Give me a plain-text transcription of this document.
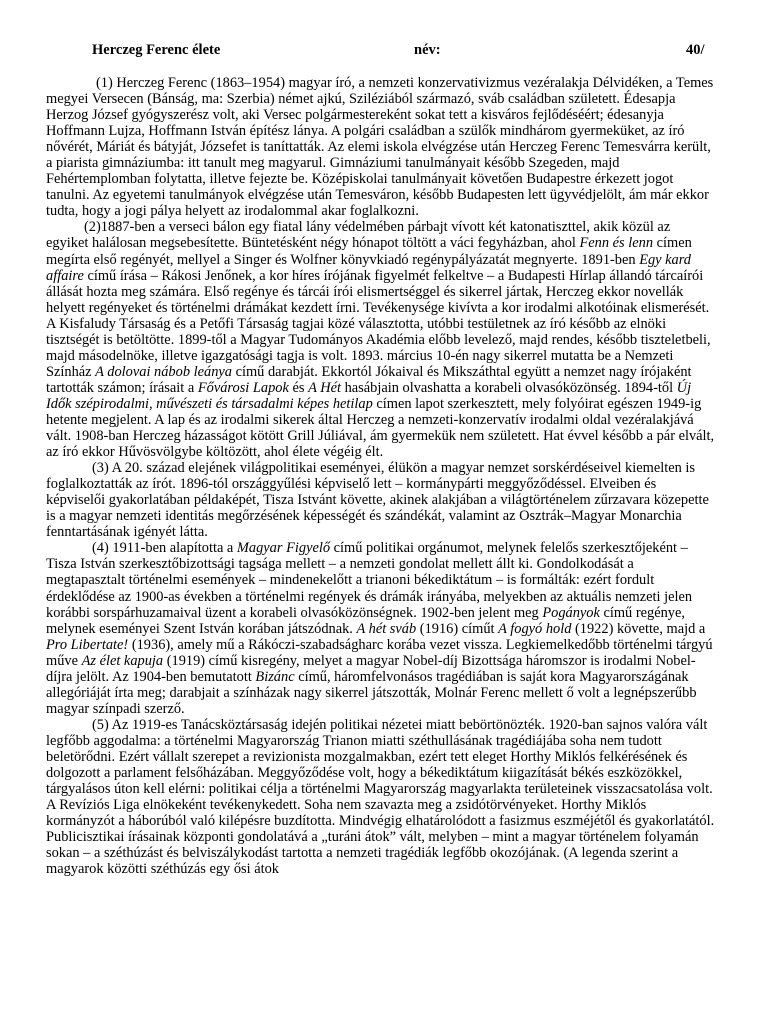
Herczeg Ferenc élete	név:	40/

(1) Herczeg Ferenc (1863–1954) magyar író, a nemzeti konzervativizmus vezéralakja Délvidéken, a Temes megyei Versecen (Bánság, ma: Szerbia) német ajkú, Sziléziából származó, sváb családban született. Édesapja Herzog József gyógyszerész volt, aki Versec polgármestereként sokat tett a kisváros fejlődéséért; édesanyja Hoffmann Lujza, Hoffmann István építész lánya. A polgári családban a szülők mindhárom gyermeküket, az író nővérét, Máriát és bátyját, Józsefet is taníttatták. Az elemi iskola elvégzése után Herczeg Ferenc Temesvárra került, a piarista gimnáziumba: itt tanult meg magyarul. Gimnáziumi tanulmányait később Szegeden, majd Fehértemplomban folytatta, illetve fejezte be. Középiskolai tanulmányait követően Budapestre érkezett jogot tanulni. Az egyetemi tanulmányok elvégzése után Temesváron, később Budapesten lett ügyvédjelölt, ám már ekkor tudta, hogy a jogi pálya helyett az irodalommal akar foglalkozni.

(2)1887-ben a verseci bálon egy fiatal lány védelmében párbajt vívott két katonatiszttel, akik közül az egyiket halálosan megsebesítette. Büntetésként négy hónapot töltött a váci fegyházban, ahol Fenn és lenn címen megírta első regényét, mellyel a Singer és Wolfner könyvkiadó regénypályázatát megnyerte. 1891-ben Egy kard affaire című írása – Rákosi Jenőnek, a kor híres írójának figyelmét felkeltve – a Budapesti Hírlap állandó tárcaírói állását hozta meg számára. Első regénye és tárcái írói elismertséggel és sikerrel jártak, Herczeg ekkor novellák helyett regényeket és történelmi drámákat kezdett írni. Tevékenysége kivívta a kor irodalmi alkotóinak elismerését. A Kisfaludy Társaság és a Petőfi Társaság tagjai közé választotta, utóbbi testületnek az író később az elnöki tisztségét is betöltötte. 1899-től a Magyar Tudományos Akadémia előbb levelező, majd rendes, később tiszteletbeli, majd másodelnöke, illetve igazgatósági tagja is volt. 1893. március 10-én nagy sikerrel mutatta be a Nemzeti Színház A dolovai nábob leánya című darabját. Ekkortól Jókaival és Mikszáthtal együtt a nemzet nagy írójaként tartották számon; írásait a Fővárosi Lapok és A Hét hasábjain olvashatta a korabeli olvasóközönség. 1894-től Új Idők szépirodalmi, művészeti és társadalmi képes hetilap címen lapot szerkesztett, mely folyóirat egészen 1949-ig hetente megjelent. A lap és az irodalmi sikerek által Herczeg a nemzeti-konzervatív irodalmi oldal vezéralakjává vált. 1908-ban Herczeg házasságot kötött Grill Júliával, ám gyermekük nem született. Hat évvel később a pár elvált, az író ekkor Hűvösvölgybe költözött, ahol élete végéig élt.

(3) A 20. század elejének világpolitikai eseményei, élükön a magyar nemzet sorskérdéseivel kiemelten is foglalkoztatták az írót. 1896-tól országgyűlési képviselő lett – kormánypárti meggyőződéssel. Elveiben és képviselői gyakorlatában példaképét, Tisza Istvánt követte, akinek alakjában a világtörténelem zűrzavara közepette is a magyar nemzeti identitás megőrzésének képességét és szándékát, valamint az Osztrák–Magyar Monarchia fenntartásának igényét látta.

(4) 1911-ben alapította a Magyar Figyelő című politikai orgánumot, melynek felelős szerkesztőjeként – Tisza István szerkesztőbizottsági tagsága mellett – a nemzeti gondolat mellett állt ki. Gondolkodását a megtapasztalt történelmi események – mindenekelőtt a trianoni békediktátum – is formálták: ezért fordult érdeklődése az 1900-as években a történelmi regények és drámák irányába, melyekben az aktuális nemzeti jelen korábbi sorspárhuzamaival üzent a korabeli olvasóközönségnek. 1902-ben jelent meg Pogányok című regénye, melynek eseményei Szent István korában játszódnak. A hét sváb (1916) címűt A fogyó hold (1922) követte, majd a Pro Libertate! (1936), amely mű a Rákóczi-szabadságharc korába vezet vissza. Legkiemelkedőbb történelmi tárgyú műve Az élet kapuja (1919) című kisregény, melyet a magyar Nobel-díj Bizottsága háromszor is irodalmi Nobel-díjra jelölt. Az 1904-ben bemutatott Bizánc című, háromfelvonásos tragédiában is saját kora Magyarországának allegóriáját írta meg; darabjait a színházak nagy sikerrel játszották, Molnár Ferenc mellett ő volt a legnépszerűbb magyar színpadi szerző.

(5) Az 1919-es Tanácsköztársaság idején politikai nézetei miatt bebörtönözték. 1920-ban sajnos valóra vált legfőbb aggodalma: a történelmi Magyarország Trianon miatti széthullásának tragédiájába soha nem tudott beletörődni. Ezért vállalt szerepet a revizionista mozgalmakban, ezért tett eleget Horthy Miklós felkérésének és dolgozott a parlament felsőházában. Meggyőződése volt, hogy a békediktátum kiigazítását békés eszközökkel, tárgyalásos úton kell elérni: politikai célja a történelmi Magyarország magyarlakta területeinek visszacsatolása volt. A Revíziós Liga elnökeként tevékenykedett. Soha nem szavazta meg a zsidótörvényeket. Horthy Miklós kormányzót a háborúból való kilépésre buzdította. Mindvégig elhatárolódott a fasizmus eszméjétől és gyakorlatától. Publicisztikai írásainak központi gondolatává a „turáni átok” vált, melyben – mint a magyar történelem folyamán sokan – a széthúzást és belviszálykodást tartotta a nemzeti tragédiák legfőbb okozójának. (A legenda szerint a magyarok közötti széthúzás egy ősi átok
